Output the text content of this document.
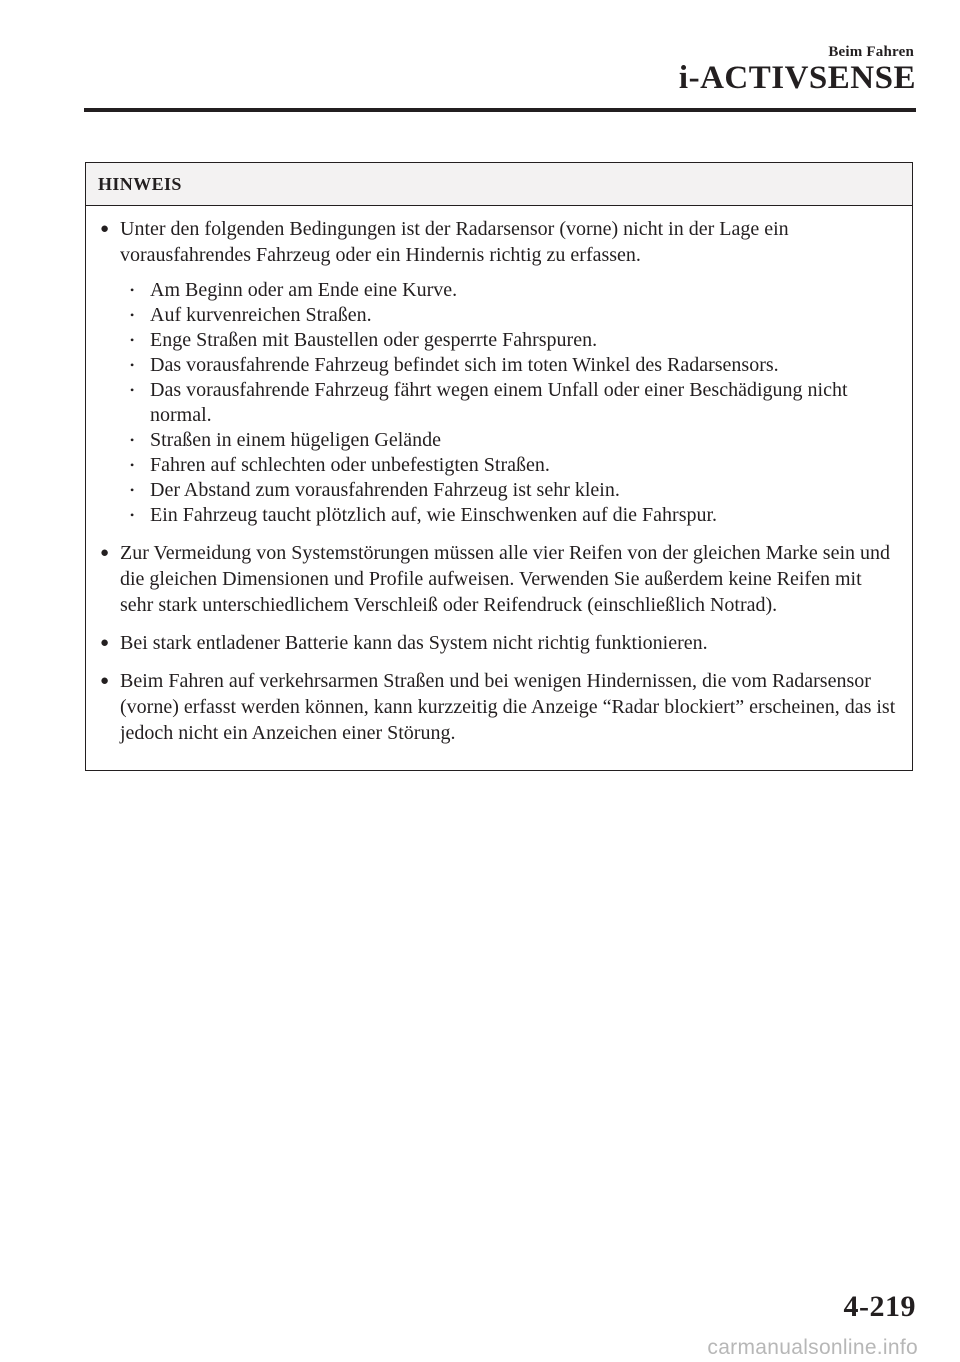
Beim Fahren
i-ACTIVSENSE
HINWEIS
● Unter den folgenden Bedingungen ist der Radarsensor (vorne) nicht in der Lage ein vorausfahrendes Fahrzeug oder ein Hindernis richtig zu erfassen.
• Am Beginn oder am Ende eine Kurve.
• Auf kurvenreichen Straßen.
• Enge Straßen mit Baustellen oder gesperrte Fahrspuren.
• Das vorausfahrende Fahrzeug befindet sich im toten Winkel des Radarsensors.
• Das vorausfahrende Fahrzeug fährt wegen einem Unfall oder einer Beschädigung nicht normal.
• Straßen in einem hügeligen Gelände
• Fahren auf schlechten oder unbefestigten Straßen.
• Der Abstand zum vorausfahrenden Fahrzeug ist sehr klein.
• Ein Fahrzeug taucht plötzlich auf, wie Einschwenken auf die Fahrspur.
● Zur Vermeidung von Systemstörungen müssen alle vier Reifen von der gleichen Marke sein und die gleichen Dimensionen und Profile aufweisen. Verwenden Sie außerdem keine Reifen mit sehr stark unterschiedlichem Verschleiß oder Reifendruck (einschließlich Notrad).
● Bei stark entladener Batterie kann das System nicht richtig funktionieren.
● Beim Fahren auf verkehrsarmen Straßen und bei wenigen Hindernissen, die vom Radarsensor (vorne) erfasst werden können, kann kurzzeitig die Anzeige “Radar blockiert” erscheinen, das ist jedoch nicht ein Anzeichen einer Störung.
4-219
carmanualsonline.info
